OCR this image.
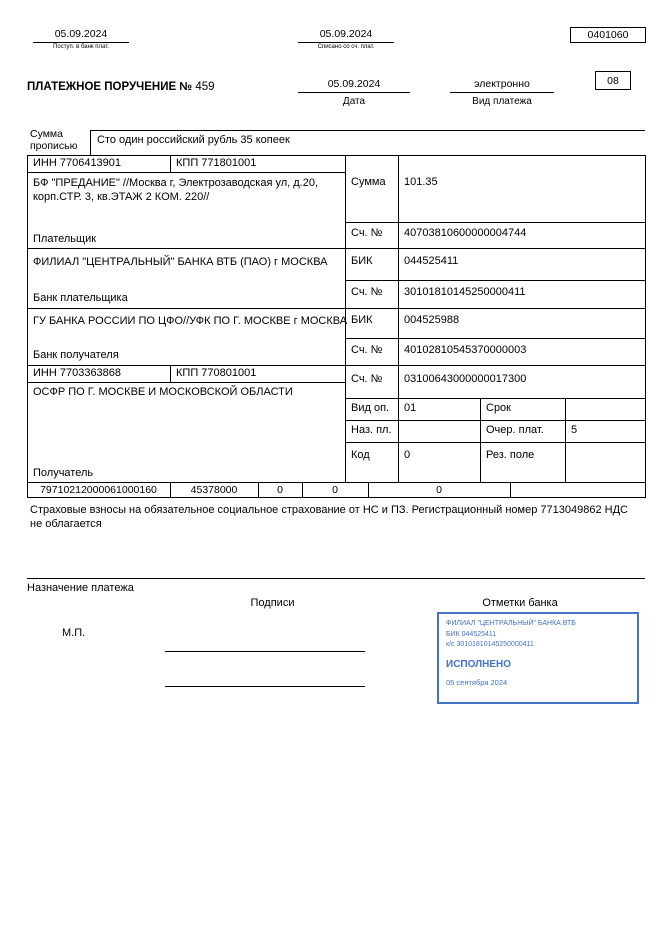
05.09.2024
Поступ. в банк плат.
05.09.2024
Списано со сч. плат.
0401060
ПЛАТЕЖНОЕ ПОРУЧЕНИЕ № 459	05.09.2024
Дата
электронно
Вид платежа
08
Сумма прописью
Сто один российский рубль 35 копеек
ИНН 7706413901	КПП 771801001
БФ "ПРЕДАНИЕ" //Москва г, Электрозаводская ул, д.20, корп.СТР. 3, кв.ЭТАЖ 2 КОМ. 220//
Плательщик
Сумма 101.35
Сч. № 40703810600000004744
ФИЛИАЛ "ЦЕНТРАЛЬНЫЙ" БАНКА ВТБ (ПАО) г МОСКВА
Банк плательщика
БИК	044525411
Сч. № 30101810145250000411
ГУ БАНКА РОССИИ ПО ЦФО//УФК ПО Г. МОСКВЕ г МОСКВА
Банк получателя
БИК	004525988
Сч. № 40102810545370000003
ИНН 7703363868	КПП 770801001
ОСФР ПО Г. МОСКВЕ И МОСКОВСКОЙ ОБЛАСТИ
Получатель
Сч. № 03100643000000017300
Вид оп. 01	Срок
Наз. пл.	Очер. плат. 5
Код	0	Рез. поле
79710212000061000160	45378000	0	0	0
Страховые взносы на обязательное социальное страхование от НС и ПЗ. Регистрационный номер 7713049862 НДС не облагается
Назначение платежа
Подписи	Отметки банка
М.П.
ФИЛИАЛ "ЦЕНТРАЛЬНЫЙ" БАНКА ВТБ
БИК 044525411
к/с 30101810145250000411
ИСПОЛНЕНО
05 сентября 2024
